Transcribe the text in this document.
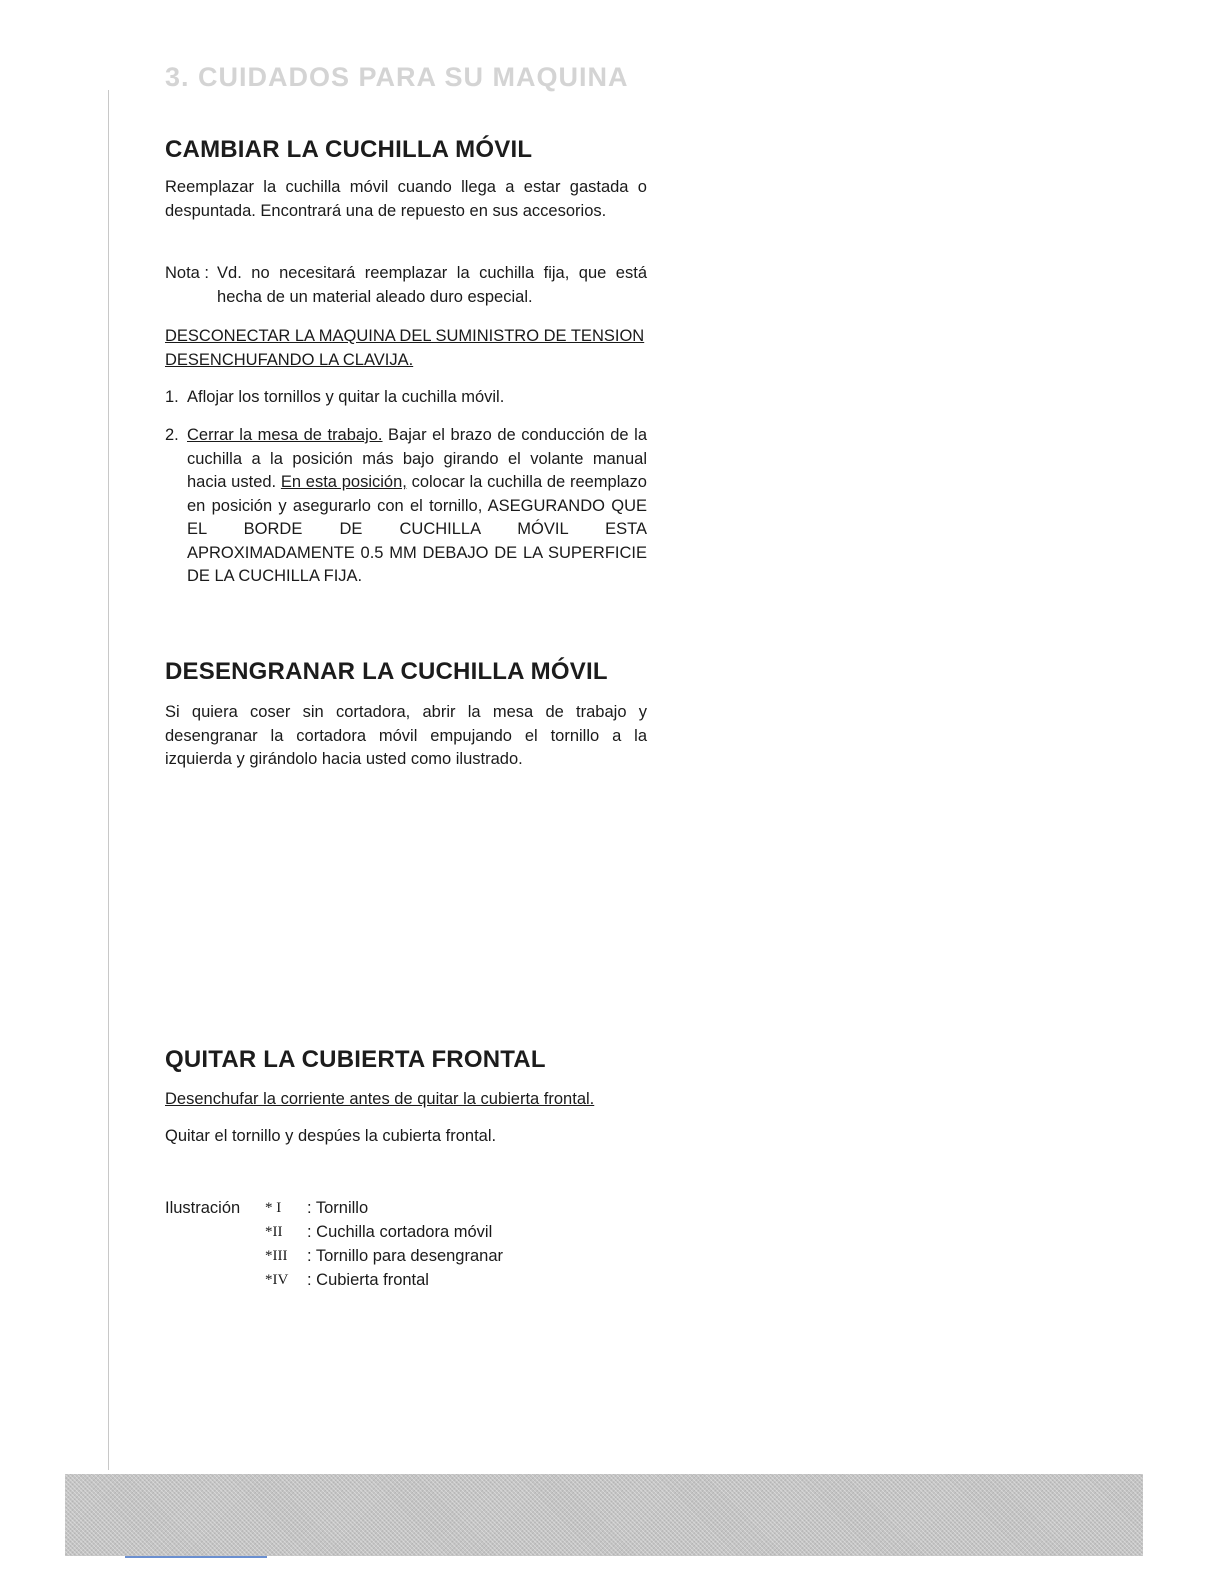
3. CUIDADOS PARA SU MAQUINA

CAMBIAR LA CUCHILLA MÓVIL

Reemplazar la cuchilla móvil cuando llega a estar gastada o despuntada. Encontrará una de repuesto en sus accesorios.

Nota : Vd. no necesitará reemplazar la cuchilla fija, que está hecha de un material aleado duro especial.

DESCONECTAR LA MAQUINA DEL SUMINISTRO DE TENSION DESENCHUFANDO LA CLAVIJA.

1. Aflojar los tornillos y quitar la cuchilla móvil.
2. Cerrar la mesa de trabajo. Bajar el brazo de conducción de la cuchilla a la posición más bajo girando el volante manual hacia usted. En esta posición, colocar la cuchilla de reemplazo en posición y asegurarlo con el tornillo, ASEGURANDO QUE EL BORDE DE CUCHILLA MÓVIL ESTA APROXIMADAMENTE 0.5 MM DEBAJO DE LA SUPERFICIE DE LA CUCHILLA FIJA.
DESENGRANAR LA CUCHILLA MÓVIL

Si quiera coser sin cortadora, abrir la mesa de trabajo y desengranar la cortadora móvil empujando el tornillo a la izquierda y girándolo hacia usted como ilustrado.

QUITAR LA CUBIERTA FRONTAL

Desenchufar la corriente antes de quitar la cubierta frontal.

Quitar el tornillo y despúes la cubierta frontal.

Ilustración	* I	: Tornillo
*II	: Cuchilla cortadora móvil
*III	: Tornillo para desengranar
*IV	: Cubierta frontal
